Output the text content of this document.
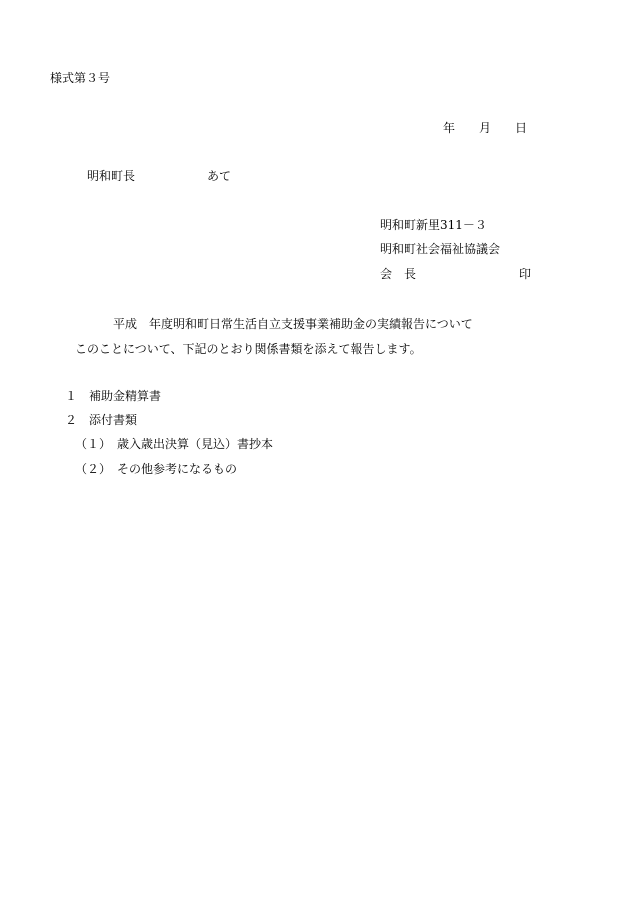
様式第３号

年　　月　　日

明和町長　　　　　　あて

明和町新里311－３

明和町社会福祉協議会

会　長	印

平成　年度明和町日常生活自立支援事業補助金の実績報告について

このことについて、下記のとおり関係書類を添えて報告します。

１　補助金精算書

２　添付書類

（１）　歳入歳出決算（見込）書抄本

（２）　その他参考になるもの
